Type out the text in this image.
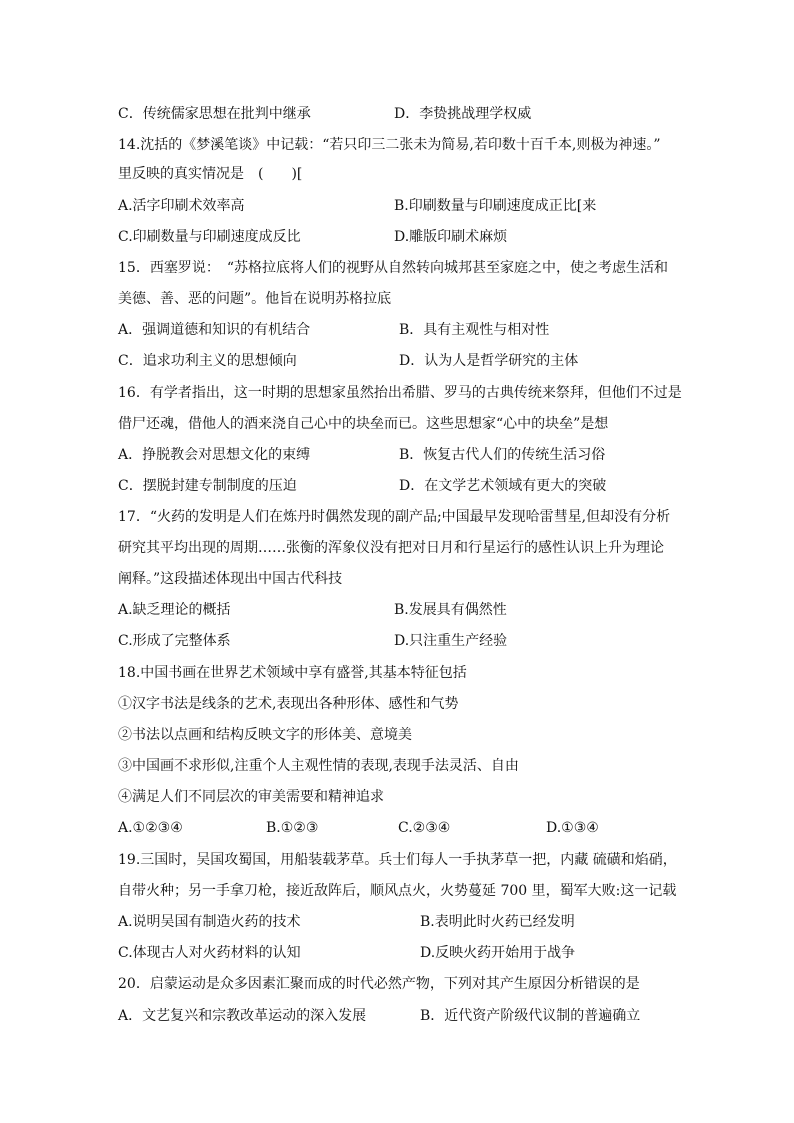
C．传统儒家思想在批判中继承	D．李贽挑战理学权威
14.沈括的《梦溪笔谈》中记载：“若只印三二张未为简易,若印数十百千本,则极为神速。”
里反映的真实情况是　(　　)[
A.活字印刷术效率高	B.印刷数量与印刷速度成正比[来
C.印刷数量与印刷速度成反比	D.雕版印刷术麻烦
15．西塞罗说：　“苏格拉底将人们的视野从自然转向城邦甚至家庭之中，使之考虑生活和
美德、善、恶的问题”。他旨在说明苏格拉底
A．强调道德和知识的有机结合	B．具有主观性与相对性
C．追求功利主义的思想倾向	D．认为人是哲学研究的主体
16．有学者指出，这一时期的思想家虽然抬出希腊、罗马的古典传统来祭拜，但他们不过是
借尸还魂，借他人的酒来浇自己心中的块垒而已。这些思想家“心中的块垒”是想
A．挣脱教会对思想文化的束缚	B．恢复古代人们的传统生活习俗
C．摆脱封建专制制度的压迫	D．在文学艺术领域有更大的突破
17．“火药的发明是人们在炼丹时偶然发现的副产品;中国最早发现哈雷彗星,但却没有分析
研究其平均出现的周期……张衡的浑象仪没有把对日月和行星运行的感性认识上升为理论
阐释。”这段描述体现出中国古代科技
A.缺乏理论的概括	B.发展具有偶然性
C.形成了完整体系	D.只注重生产经验
18.中国书画在世界艺术领域中享有盛誉,其基本特征包括
①汉字书法是线条的艺术,表现出各种形体、感性和气势
②书法以点画和结构反映文字的形体美、意境美
③中国画不求形似,注重个人主观性情的表现,表现手法灵活、自由
④满足人们不同层次的审美需要和精神追求
A.①②③④	B.①②③	C.②③④	D.①③④
19.三国时，吴国攻蜀国，用船装载茅草。兵士们每人一手执茅草一把，内藏 硫磺和焰硝，
自带火种；另一手拿刀枪，接近敌阵后，顺风点火，火势蔓延 700 里，蜀军大败:这一记载
A.说明吴国有制造火药的技术	B.表明此时火药已经发明
C.体现古人对火药材料的认知	D.反映火药开始用于战争
20．启蒙运动是众多因素汇聚而成的时代必然产物，下列对其产生原因分析错误的是
A．文艺复兴和宗教改革运动的深入发展	B．近代资产阶级代议制的普遍确立
